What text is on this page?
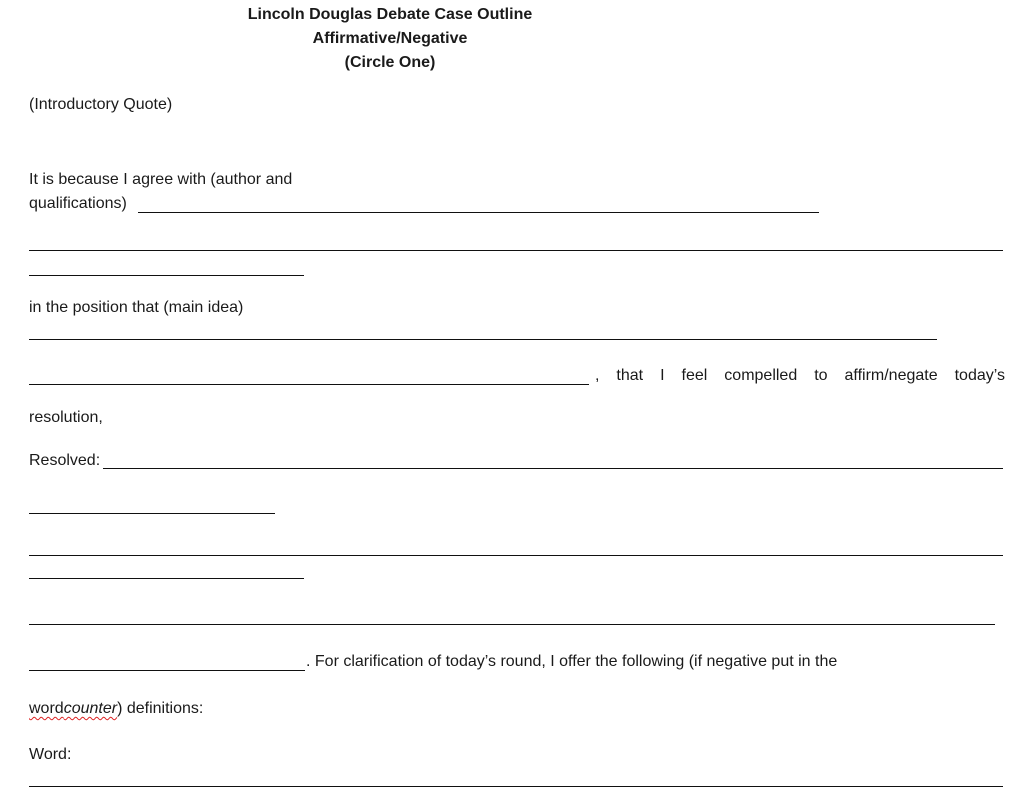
Lincoln Douglas Debate Case Outline
Affirmative/Negative
(Circle One)
(Introductory Quote)
It is because I agree with (author and
qualifications)
in the position that (main idea)
, that I feel compelled to affirm/negate today’s
resolution,
Resolved:
. For clarification of today’s round, I offer the following (if negative put in the
wordcounter) definitions:
Word:
